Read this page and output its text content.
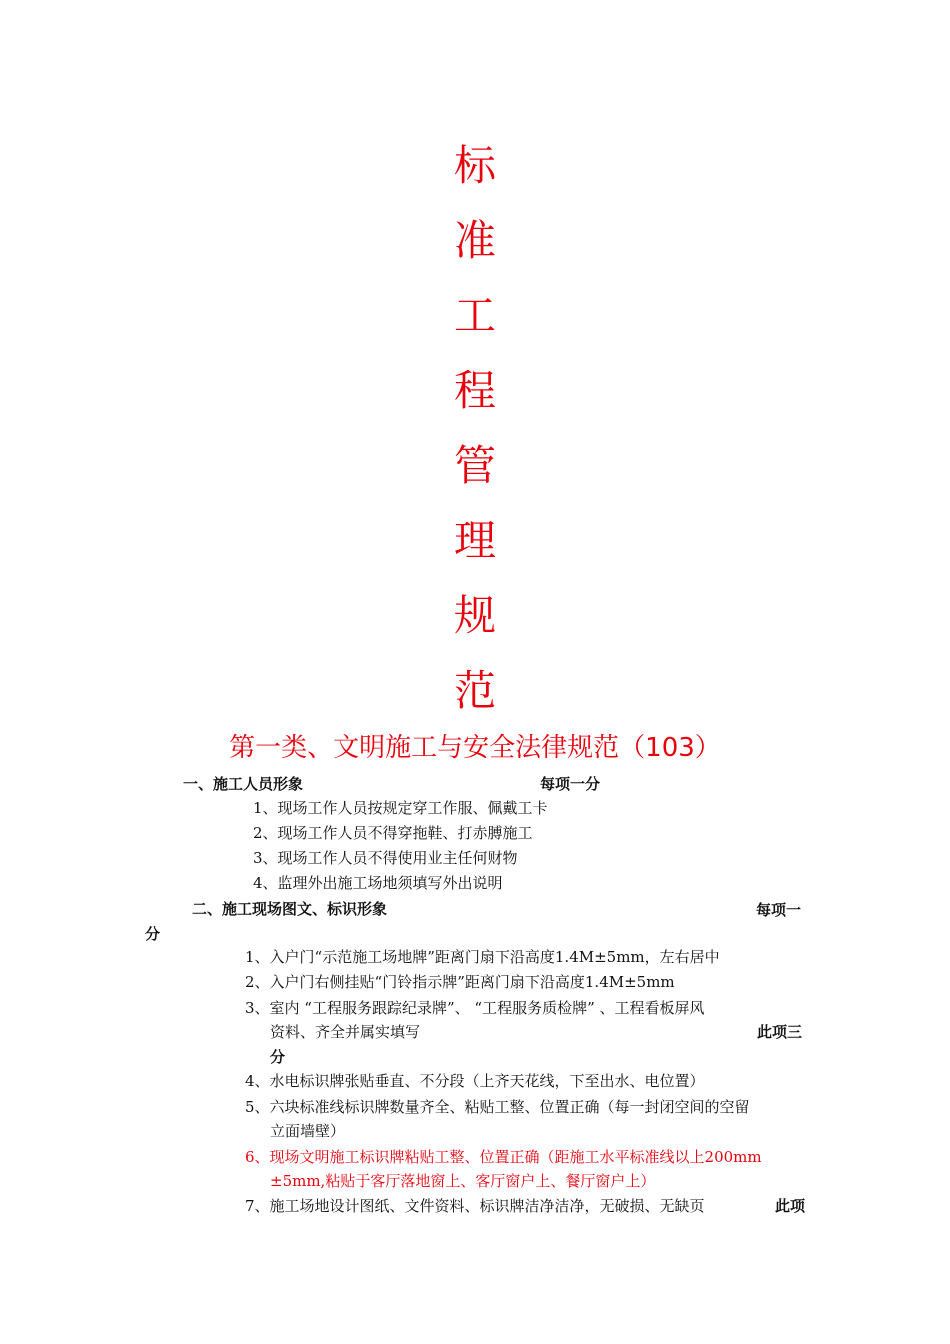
标
准
工
程
管
理
规
范
第一类、文明施工与安全法律规范（103）
一、施工人员形象	每项一分
1、现场工作人员按规定穿工作服、佩戴工卡
2、现场工作人员不得穿拖鞋、打赤膊施工
3、现场工作人员不得使用业主任何财物
4、监理外出施工场地须填写外出说明
二、施工现场图文、标识形象	每项一
分
1、入户门“示范施工场地牌”距离门扇下沿高度1.4M±5mm，左右居中
2、入户门右侧挂贴“门铃指示牌”距离门扇下沿高度1.4M±5mm
3、室内 “工程服务跟踪纪录牌”、 “工程服务质检牌” 、工程看板屏风
资料、齐全并属实填写	此项三
分
4、水电标识牌张贴垂直、不分段（上齐天花线，下至出水、电位置）
5、六块标准线标识牌数量齐全、粘贴工整、位置正确（每一封闭空间的空留
立面墙壁）
6、现场文明施工标识牌粘贴工整、位置正确（距施工水平标准线以上200mm
±5mm,粘贴于客厅落地窗上、客厅窗户上、餐厅窗户上）
7、施工场地设计图纸、文件资料、标识牌洁净洁净，无破损、无缺页	此项
